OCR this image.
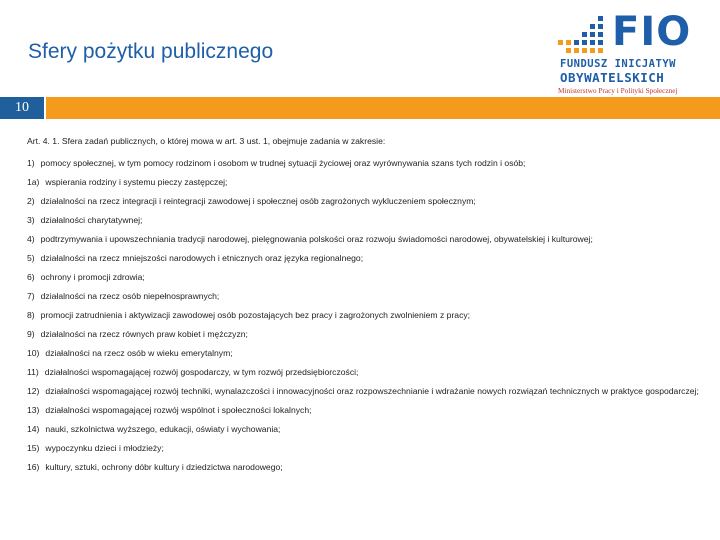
Sfery pożytku publicznego	FIO
FUNDUSZ INICJATYW
OBYWATELSKICH
Ministerstwo Pracy i Polityki Społecznej
10

Art. 4. 1. Sfera zadań publicznych, o której mowa w art. 3 ust. 1, obejmuje zadania w zakresie:

1) pomocy społecznej, w tym pomocy rodzinom i osobom w trudnej sytuacji życiowej oraz wyrównywania szans tych rodzin i osób;

1a) wspierania rodziny i systemu pieczy zastępczej;

2) działalności na rzecz integracji i reintegracji zawodowej i społecznej osób zagrożonych wykluczeniem społecznym;

3) działalności charytatywnej;

4) podtrzymywania i upowszechniania tradycji narodowej, pielęgnowania polskości oraz rozwoju świadomości narodowej, obywatelskiej i kulturowej;

5) działalności na rzecz mniejszości narodowych i etnicznych oraz języka regionalnego;

6) ochrony i promocji zdrowia;

7) działalności na rzecz osób niepełnosprawnych;

8) promocji zatrudnienia i aktywizacji zawodowej osób pozostających bez pracy i zagrożonych zwolnieniem z pracy;

9) działalności na rzecz równych praw kobiet i mężczyzn;

10) działalności na rzecz osób w wieku emerytalnym;

11) działalności wspomagającej rozwój gospodarczy, w tym rozwój przedsiębiorczości;

12) działalności wspomagającej rozwój techniki, wynalazczości i innowacyjności oraz rozpowszechnianie i wdrażanie nowych rozwiązań technicznych w praktyce gospodarczej;

13) działalności wspomagającej rozwój wspólnot i społeczności lokalnych;

14) nauki, szkolnictwa wyższego, edukacji, oświaty i wychowania;

15) wypoczynku dzieci i młodzieży;

16) kultury, sztuki, ochrony dóbr kultury i dziedzictwa narodowego;
